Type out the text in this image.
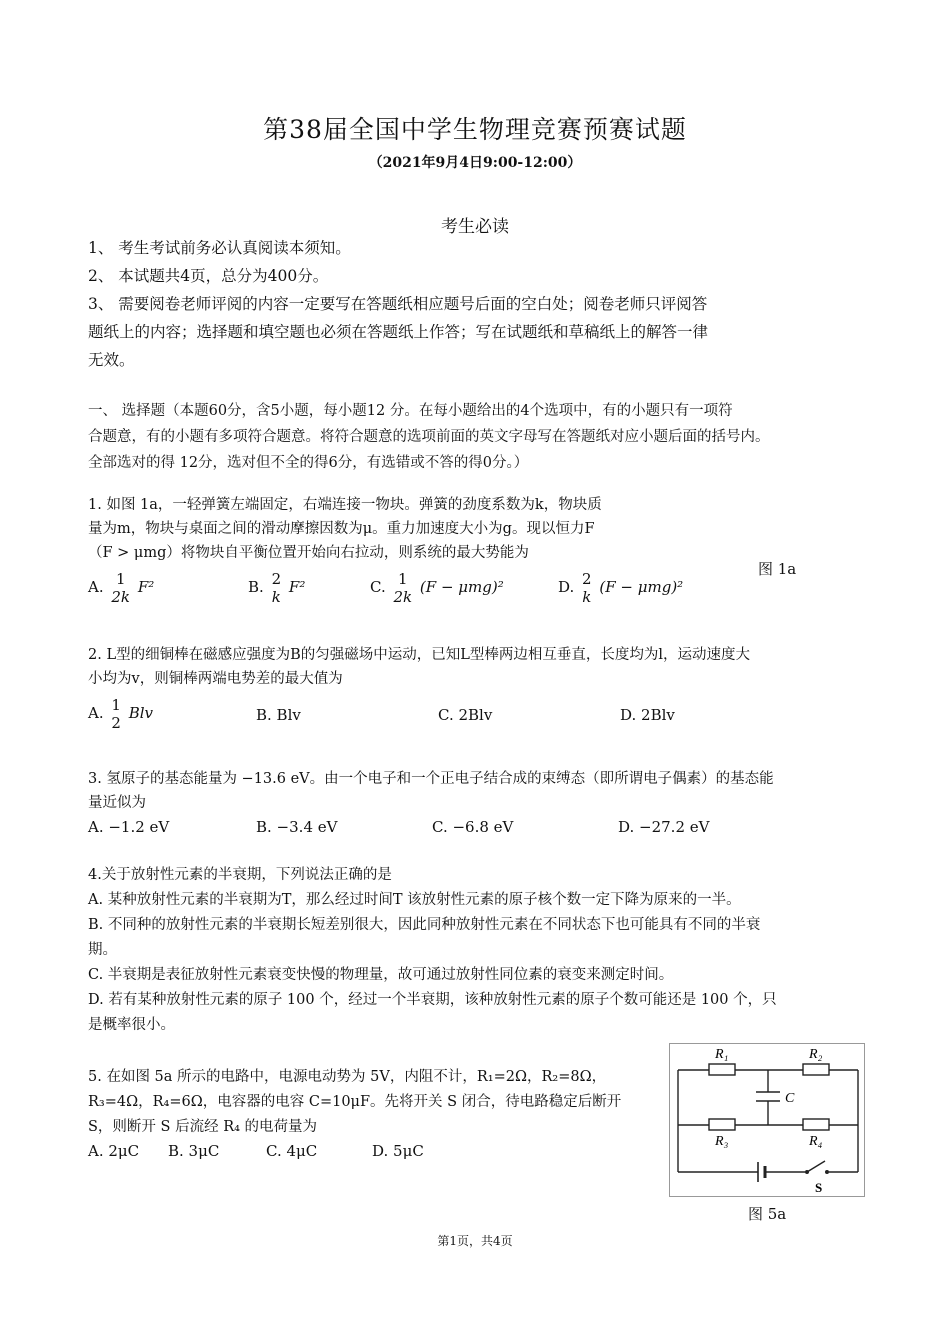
第38届全国中学生物理竞赛预赛试题
（2021年9月4日9:00-12:00）
考生必读
1、 考生考试前务必认真阅读本须知。
2、 本试题共4页，总分为400分。
3、 需要阅卷老师评阅的内容一定要写在答题纸相应题号后面的空白处；阅卷老师只评阅答
题纸上的内容；选择题和填空题也必须在答题纸上作答；写在试题纸和草稿纸上的解答一律
无效。
一、 选择题（本题60分，含5小题，每小题12 分。在每小题给出的4个选项中，有的小题只有一项符
合题意，有的小题有多项符合题意。将符合题意的选项前面的英文字母写在答题纸对应小题后面的括号内。
全部选对的得 12分，选对但不全的得6分，有选错或不答的得0分。）
1. 如图 1a，一轻弹簧左端固定，右端连接一物块。弹簧的劲度系数为k，物块质
量为m，物块与桌面之间的滑动摩擦因数为μ。重力加速度大小为g。现以恒力F
（F > μmg）将物块自平衡位置开始向右拉动，则系统的最大势能为
图 1a
A. 1
2k
F²	B. 2
k
F²	C. 1
2k
(F − μmg)²	D. 2
k
(F − μmg)²
2. L型的细铜棒在磁感应强度为B的匀强磁场中运动，已知L型棒两边相互垂直，长度均为l，运动速度大
小均为v，则铜棒两端电势差的最大值为
A. 1
2
Blv	B. Blv	C. 2Blv	D. 2Blv
3. 氢原子的基态能量为 −13.6 eV。由一个电子和一个正电子结合成的束缚态（即所谓电子偶素）的基态能
量近似为
A. −1.2 eV	B. −3.4 eV	C. −6.8 eV	D. −27.2 eV
4.关于放射性元素的半衰期，下列说法正确的是
A. 某种放射性元素的半衰期为T，那么经过时间T 该放射性元素的原子核个数一定下降为原来的一半。
B. 不同种的放射性元素的半衰期长短差别很大，因此同种放射性元素在不同状态下也可能具有不同的半衰
期。
C. 半衰期是表征放射性元素衰变快慢的物理量，故可通过放射性同位素的衰变来测定时间。
D. 若有某种放射性元素的原子 100 个，经过一个半衰期，该种放射性元素的原子个数可能还是 100 个，只
是概率很小。
5. 在如图 5a 所示的电路中，电源电动势为 5V，内阻不计，R₁=2Ω，R₂=8Ω，
R₃=4Ω，R₄=6Ω，电容器的电容 C=10μF。先将开关 S 闭合，待电路稳定后断开
S，则断开 S 后流经 R₄ 的电荷量为
A. 2μC B. 3μC	C. 4μC	D. 5μC
R₁	R₂
C
R₃	R₄
S
图 5a
第1页，共4页
